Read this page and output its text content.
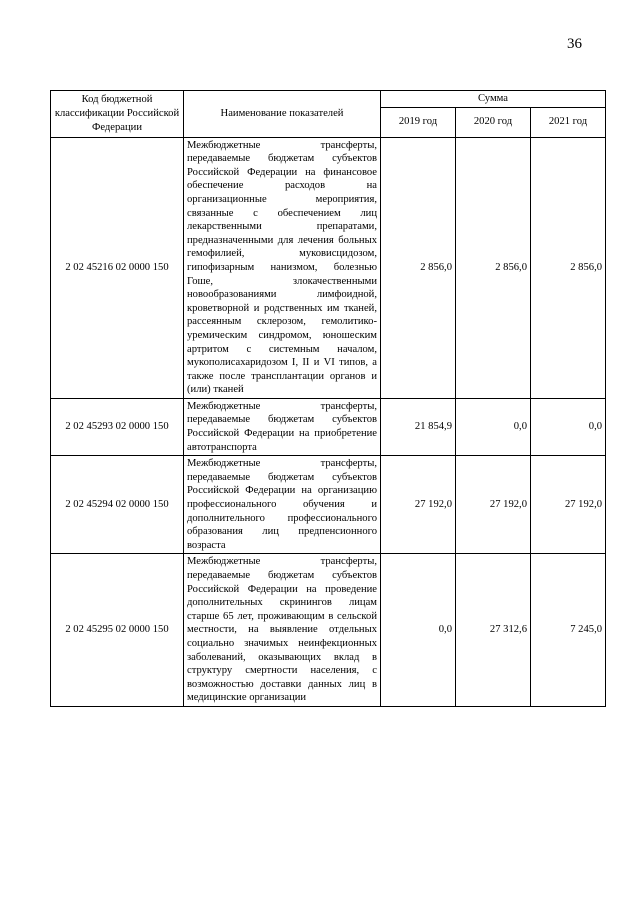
36
Код бюджетной классификации Российской Федерации	Наименование показателей	Сумма		
		2019 год	2020 год	2021 год
2 02 45216 02 0000 150	Межбюджетные трансферты, передаваемые бюджетам субъектов Российской Федерации на финансовое обеспечение расходов на организационные мероприятия, связанные с обеспечением лиц лекарственными препаратами, предназначенными для лечения больных гемофилией, муковисцидозом, гипофизарным нанизмом, болезнью Гоше, злокачественными новообразованиями лимфоидной, кроветворной и родственных им тканей, рассеянным склерозом, гемолитико-уремическим синдромом, юношеским артритом с системным началом, мукополисахаридозом I, II и VI типов, а также после трансплантации органов и (или) тканей	2 856,0	2 856,0	2 856,0
2 02 45293 02 0000 150	Межбюджетные трансферты, передаваемые бюджетам субъектов Российской Федерации на приобретение автотранспорта	21 854,9	0,0	0,0
2 02 45294 02 0000 150	Межбюджетные трансферты, передаваемые бюджетам субъектов Российской Федерации на организацию профессионального обучения и дополнительного профессионального образования лиц предпенсионного возраста	27 192,0	27 192,0	27 192,0
2 02 45295 02 0000 150	Межбюджетные трансферты, передаваемые бюджетам субъектов Российской Федерации на проведение дополнительных скринингов лицам старше 65 лет, проживающим в сельской местности, на выявление отдельных социально значимых неинфекционных заболеваний, оказывающих вклад в структуру смертности населения, с возможностью доставки данных лиц в медицинские организации	0,0	27 312,6	7 245,0
